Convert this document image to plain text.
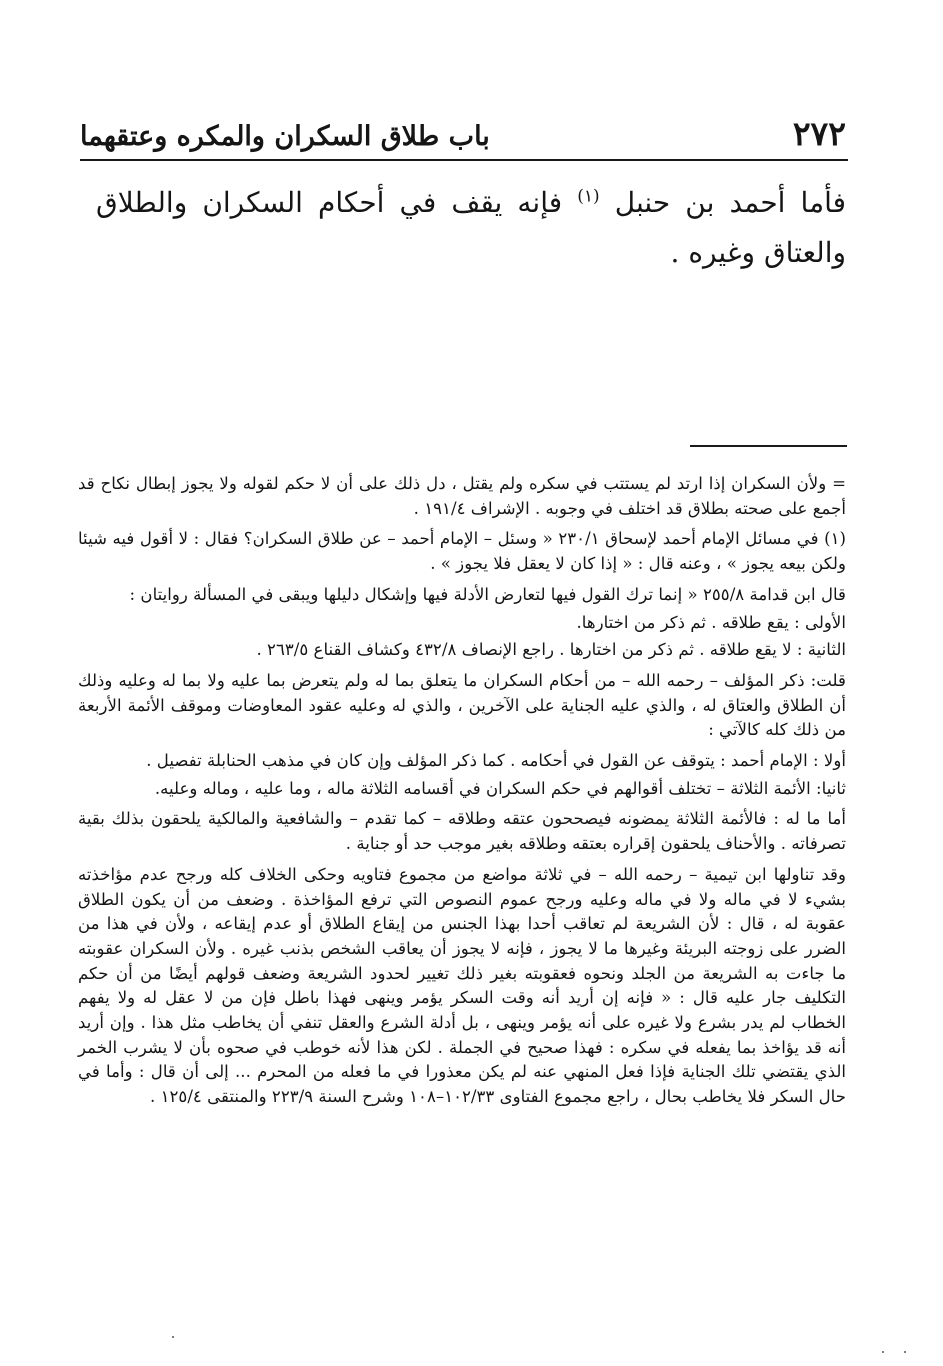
٢٧٢
باب طلاق السكران والمكره وعتقهما

فأما أحمد بن حنبل $^{(١)}$ فإنه يقف في أحكام السكران والطلاق والعتاق وغيره .

= ولأن السكران إذا ارتد لم يستتب في سكره ولم يقتل ، دل ذلك على أن لا حكم لقوله ولا يجوز إبطال نكاح قد أجمع على صحته بطلاق قد اختلف في وجوبه . الإشراف ١٩١/٤ .

(١) في مسائل الإمام أحمد لإسحاق ٢٣٠/١ « وسئل – الإمام أحمد – عن طلاق السكران؟ فقال : لا أقول فيه شيئا ولكن بيعه يجوز » ، وعنه قال : « إذا كان لا يعقل فلا يجوز » .

قال ابن قدامة ٢٥٥/٨ « إنما ترك القول فيها لتعارض الأدلة فيها وإشكال دليلها ويبقى في المسألة روايتان :

الأولى : يقع طلاقه . ثم ذكر من اختارها.

الثانية : لا يقع طلاقه . ثم ذكر من اختارها . راجع الإنصاف ٤٣٢/٨ وكشاف القناع ٢٦٣/٥ .

قلت: ذكر المؤلف – رحمه الله – من أحكام السكران ما يتعلق بما له ولم يتعرض بما عليه ولا بما له وعليه وذلك أن الطلاق والعتاق له ، والذي عليه الجناية على الآخرين ، والذي له وعليه عقود المعاوضات وموقف الأئمة الأربعة من ذلك كله كالآتي :

أولا : الإمام أحمد : يتوقف عن القول في أحكامه . كما ذكر المؤلف وإن كان في مذهب الحنابلة تفصيل .

ثانيا: الأئمة الثلاثة – تختلف أقوالهم في حكم السكران في أقسامه الثلاثة ماله ، وما عليه ، وماله وعليه.

أما ما له : فالأئمة الثلاثة يمضونه فيصححون عتقه وطلاقه – كما تقدم – والشافعية والمالكية يلحقون بذلك بقية تصرفاته . والأحناف يلحقون إقراره بعتقه وطلاقه بغير موجب حد أو جناية .

وقد تناولها ابن تيمية – رحمه الله – في ثلاثة مواضع من مجموع فتاويه وحكى الخلاف كله ورجح عدم مؤاخذته بشيء لا في ماله ولا في ماله وعليه ورجح عموم النصوص التي ترفع المؤاخذة . وضعف من أن يكون الطلاق عقوبة له ، قال : لأن الشريعة لم تعاقب أحدا بهذا الجنس من إيقاع الطلاق أو عدم إيقاعه ، ولأن في هذا من الضرر على زوجته البريئة وغيرها ما لا يجوز ، فإنه لا يجوز أن يعاقب الشخص بذنب غيره . ولأن السكران عقوبته ما جاءت به الشريعة من الجلد ونحوه فعقوبته بغير ذلك تغيير لحدود الشريعة وضعف قولهم أيضًا من أن حكم التكليف جار عليه قال : « فإنه إن أريد أنه وقت السكر يؤمر وينهى فهذا باطل فإن من لا عقل له ولا يفهم الخطاب لم يدر بشرع ولا غيره على أنه يؤمر وينهى ، بل أدلة الشرع والعقل تنفي أن يخاطب مثل هذا . وإن أريد أنه قد يؤاخذ بما يفعله في سكره : فهذا صحيح في الجملة . لكن هذا لأنه خوطب في صحوه بأن لا يشرب الخمر الذي يقتضي تلك الجناية فإذا فعل المنهي عنه لم يكن معذورا في ما فعله من المحرم ... إلى أن قال : وأما في حال السكر فلا يخاطب بحال ، راجع مجموع الفتاوى ١٠٢/٣٣–١٠٨ وشرح السنة ٢٢٣/٩ والمنتقى ١٢٥/٤ .
